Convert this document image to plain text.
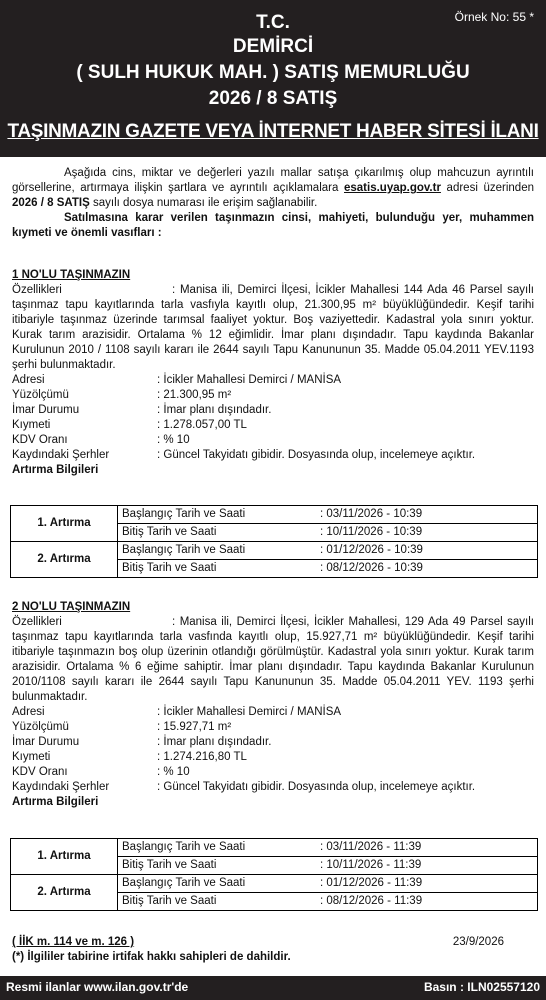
Örnek No: 55 *
T.C.
DEMİRCİ
( SULH HUKUK MAH. ) SATIŞ MEMURLUĞU
2026 / 8 SATIŞ
TAŞINMAZIN GAZETE VEYA İNTERNET HABER SİTESİ İLANI

Aşağıda cins, miktar ve değerleri yazılı mallar satışa çıkarılmış olup mahcuzun ayrıntılı görsellerine, artırmaya ilişkin şartlara ve ayrıntılı açıklamalara esatis.uyap.gov.tr adresi üzerinden 2026 / 8 SATIŞ sayılı dosya numarası ile erişim sağlanabilir.

Satılmasına karar verilen taşınmazın cinsi, mahiyeti, bulunduğu yer, muhammen kıymeti ve önemli vasıfları :

1 NO'LU TAŞINMAZIN
Özellikleri	: Manisa ili, Demirci İlçesi, İcikler Mahallesi 144 Ada 46 Parsel sayılı taşınmaz tapu kayıtlarında tarla vasfıyla kayıtlı olup, 21.300,95 m² büyüklüğündedir. Keşif tarihi itibariyle taşınmaz üzerinde tarımsal faaliyet yoktur. Boş vaziyettedir. Kadastral yola sınırı yoktur. Kurak tarım arazisidir. Ortalama % 12 eğimlidir. İmar planı dışındadır. Tapu kaydında Bakanlar Kurulunun 2010 / 1108 sayılı kararı ile 2644 sayılı Tapu Kanununun 35. Madde 05.04.2011 YEV.1193 şerhi bulunmaktadır.
Adresi	: İcikler Mahallesi Demirci / MANİSA
Yüzölçümü	: 21.300,95 m²
İmar Durumu	: İmar planı dışındadır.
Kıymeti	: 1.278.057,00 TL
KDV Oranı	: % 10
Kaydındaki Şerhler	: Güncel Takyidatı gibidir. Dosyasında olup, incelemeye açıktır.
Artırma Bilgileri
1. Artırma	Başlangıç Tarih ve Saati	: 03/11/2026 - 10:39
	Bitiş Tarih ve Saati	: 10/11/2026 - 10:39
2. Artırma	Başlangıç Tarih ve Saati	: 01/12/2026 - 10:39
	Bitiş Tarih ve Saati	: 08/12/2026 - 10:39
2 NO'LU TAŞINMAZIN
Özellikleri	: Manisa ili, Demirci İlçesi, İcikler Mahallesi, 129 Ada 49 Parsel sayılı taşınmaz tapu kayıtlarında tarla vasfında kayıtlı olup, 15.927,71 m² büyüklüğündedir. Keşif tarihi itibariyle taşınmazın boş olup üzerinin otlandığı görülmüştür. Kadastral yola sınırı yoktur. Kurak tarım arazisidir. Ortalama % 6 eğime sahiptir. İmar planı dışındadır. Tapu kaydında Bakanlar Kurulunun 2010/1108 sayılı kararı ile 2644 sayılı Tapu Kanununun 35. Madde 05.04.2011 YEV. 1193 şerhi bulunmaktadır.
Adresi	: İcikler Mahallesi Demirci / MANİSA
Yüzölçümü	: 15.927,71 m²
İmar Durumu	: İmar planı dışındadır.
Kıymeti	: 1.274.216,80 TL
KDV Oranı	: % 10
Kaydındaki Şerhler	: Güncel Takyidatı gibidir. Dosyasında olup, incelemeye açıktır.
Artırma Bilgileri
1. Artırma	Başlangıç Tarih ve Saati	: 03/11/2026 - 11:39
	Bitiş Tarih ve Saati	: 10/11/2026 - 11:39
2. Artırma	Başlangıç Tarih ve Saati	: 01/12/2026 - 11:39
	Bitiş Tarih ve Saati	: 08/12/2026 - 11:39
( İİK m. 114 ve m. 126 )	23/9/2026
(*) İlgililer tabirine irtifak hakkı sahipleri de dahildir.
Resmi ilanlar www.ilan.gov.tr'de	Basın : ILN02557120
